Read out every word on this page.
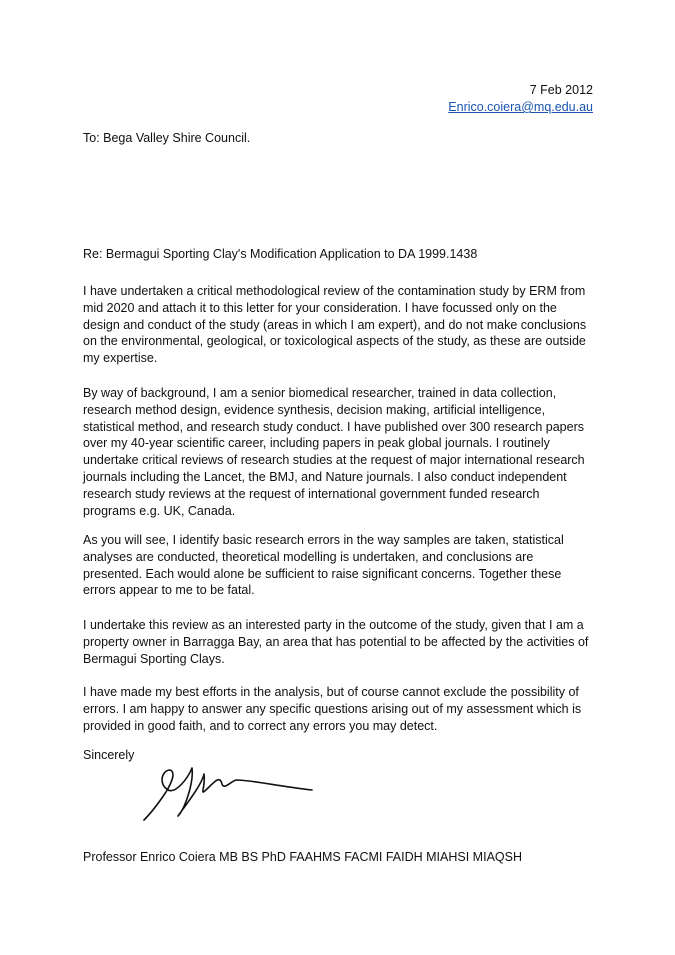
7 Feb 2012
Enrico.coiera@mq.edu.au
To: Bega Valley Shire Council.
Re: Bermagui Sporting Clay's Modification Application to DA 1999.1438
I have undertaken a critical methodological review of the contamination study by ERM from
mid 2020 and attach it to this letter for your consideration. I have focussed only on the
design and conduct of the study (areas in which I am expert), and do not make conclusions
on the environmental, geological, or toxicological aspects of the study, as these are outside
my expertise.
By way of background, I am a senior biomedical researcher, trained in data collection,
research method design, evidence synthesis, decision making, artificial intelligence,
statistical method, and research study conduct. I have published over 300 research papers
over my 40-year scientific career, including papers in peak global journals. I routinely
undertake critical reviews of research studies at the request of major international research
journals including the Lancet, the BMJ, and Nature journals. I also conduct independent
research study reviews at the request of international government funded research
programs e.g. UK, Canada.
As you will see, I identify basic research errors in the way samples are taken, statistical
analyses are conducted, theoretical modelling is undertaken, and conclusions are
presented. Each would alone be sufficient to raise significant concerns. Together these
errors appear to me to be fatal.
I undertake this review as an interested party in the outcome of the study, given that I am a
property owner in Barragga Bay, an area that has potential to be affected by the activities of
Bermagui Sporting Clays.
I have made my best efforts in the analysis, but of course cannot exclude the possibility of
errors. I am happy to answer any specific questions arising out of my assessment which is
provided in good faith, and to correct any errors you may detect.
Sincerely
Professor Enrico Coiera MB BS PhD FAAHMS FACMI FAIDH MIAHSI MIAQSH
